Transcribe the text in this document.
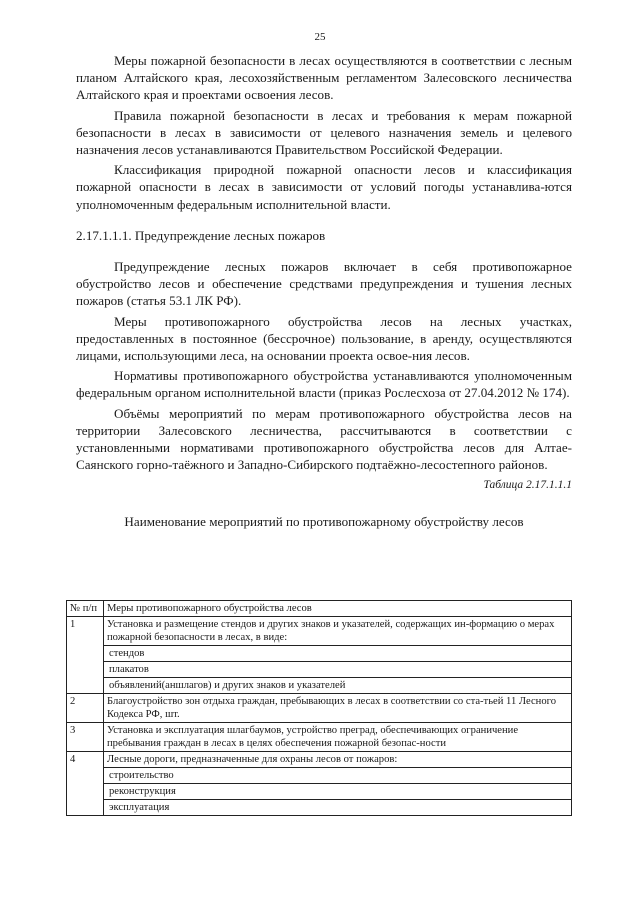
25

Меры пожарной безопасности в лесах осуществляются в соответствии с лесным планом Алтайского края, лесохозяйственным регламентом Залесовского лесничества Алтайского края и проектами освоения лесов.

Правила пожарной безопасности в лесах и требования к мерам пожарной безопасности в лесах в зависимости от целевого назначения земель и целевого назначения лесов устанавливаются Правительством Российской Федерации.

Классификация природной пожарной опасности лесов и классификация пожарной опасности в лесах в зависимости от условий погоды устанавлива-ются уполномоченным федеральным исполнительной власти.

2.17.1.1.1. Предупреждение лесных пожаров

Предупреждение лесных пожаров включает в себя противопожарное обустройство лесов и обеспечение средствами предупреждения и тушения лесных пожаров (статья 53.1 ЛК РФ).

Меры противопожарного обустройства лесов на лесных участках, предоставленных в постоянное (бессрочное) пользование, в аренду, осуществляются лицами, использующими леса, на основании проекта освое-ния лесов.

Нормативы противопожарного обустройства устанавливаются уполномоченным федеральным органом исполнительной власти (приказ Рослесхоза от 27.04.2012 № 174).

Объёмы мероприятий по мерам противопожарного обустройства лесов на территории Залесовского лесничества, рассчитываются в соответствии с установленными нормативами противопожарного обустройства лесов для Алтае-Саянского горно-таёжного и Западно-Сибирского подтаёжно-лесостепного районов.

Таблица 2.17.1.1.1

Наименование мероприятий по противопожарному обустройству лесов

№ п/п	Меры противопожарного обустройства лесов
1	Установка и размещение стендов и других знаков и указателей, содержащих ин-формацию о мерах пожарной безопасности в лесах, в виде:
	стендов
	плакатов
	объявлений(аншлагов) и других знаков и указателей
2	Благоустройство зон отдыха граждан, пребывающих в лесах в соответствии со ста-тьей 11 Лесного Кодекса РФ, шт.
3	Установка и эксплуатация шлагбаумов, устройство преград, обеспечивающих ограничение пребывания граждан в лесах в целях обеспечения пожарной безопас-ности
4	Лесные дороги, предназначенные для охраны лесов от пожаров:
	строительство
	реконструкция
	эксплуатация
